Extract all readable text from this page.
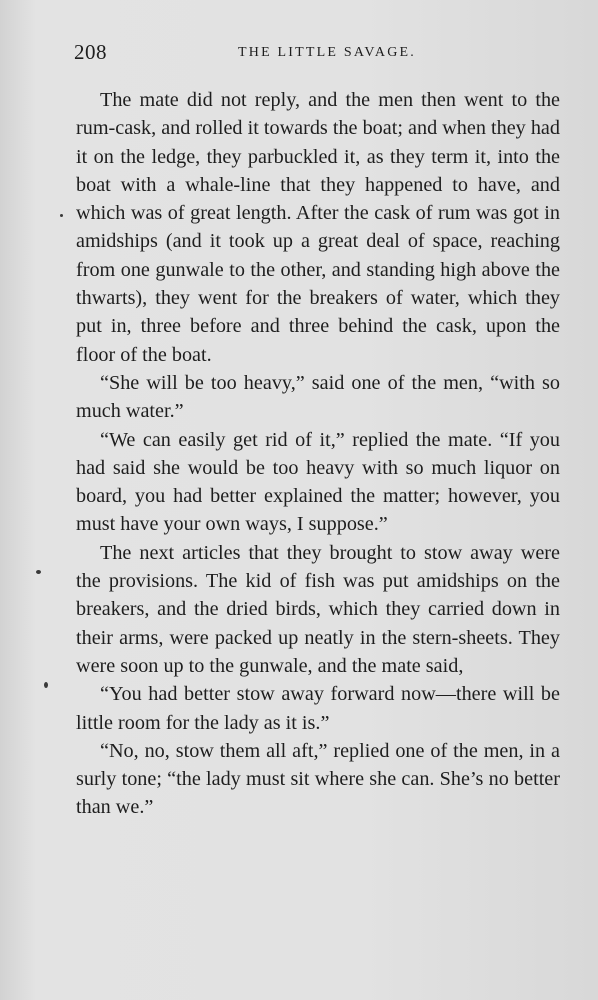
208	THE LITTLE SAVAGE.

The mate did not reply, and the men then went to the rum-cask, and rolled it towards the boat; and when they had it on the ledge, they parbuckled it, as they term it, into the boat with a whale-line that they happened to have, and which was of great length. After the cask of rum was got in amidships (and it took up a great deal of space, reaching from one gunwale to the other, and standing high above the thwarts), they went for the breakers of water, which they put in, three before and three behind the cask, upon the floor of the boat.

“She will be too heavy,” said one of the men, “with so much water.”

“We can easily get rid of it,” replied the mate. “If you had said she would be too heavy with so much liquor on board, you had better explained the matter; however, you must have your own ways, I suppose.”

The next articles that they brought to stow away were the provisions. The kid of fish was put amidships on the breakers, and the dried birds, which they carried down in their arms, were packed up neatly in the stern-sheets. They were soon up to the gunwale, and the mate said,

“You had better stow away forward now—there will be little room for the lady as it is.”

“No, no, stow them all aft,” replied one of the men, in a surly tone; “the lady must sit where she can. She’s no better than we.”
